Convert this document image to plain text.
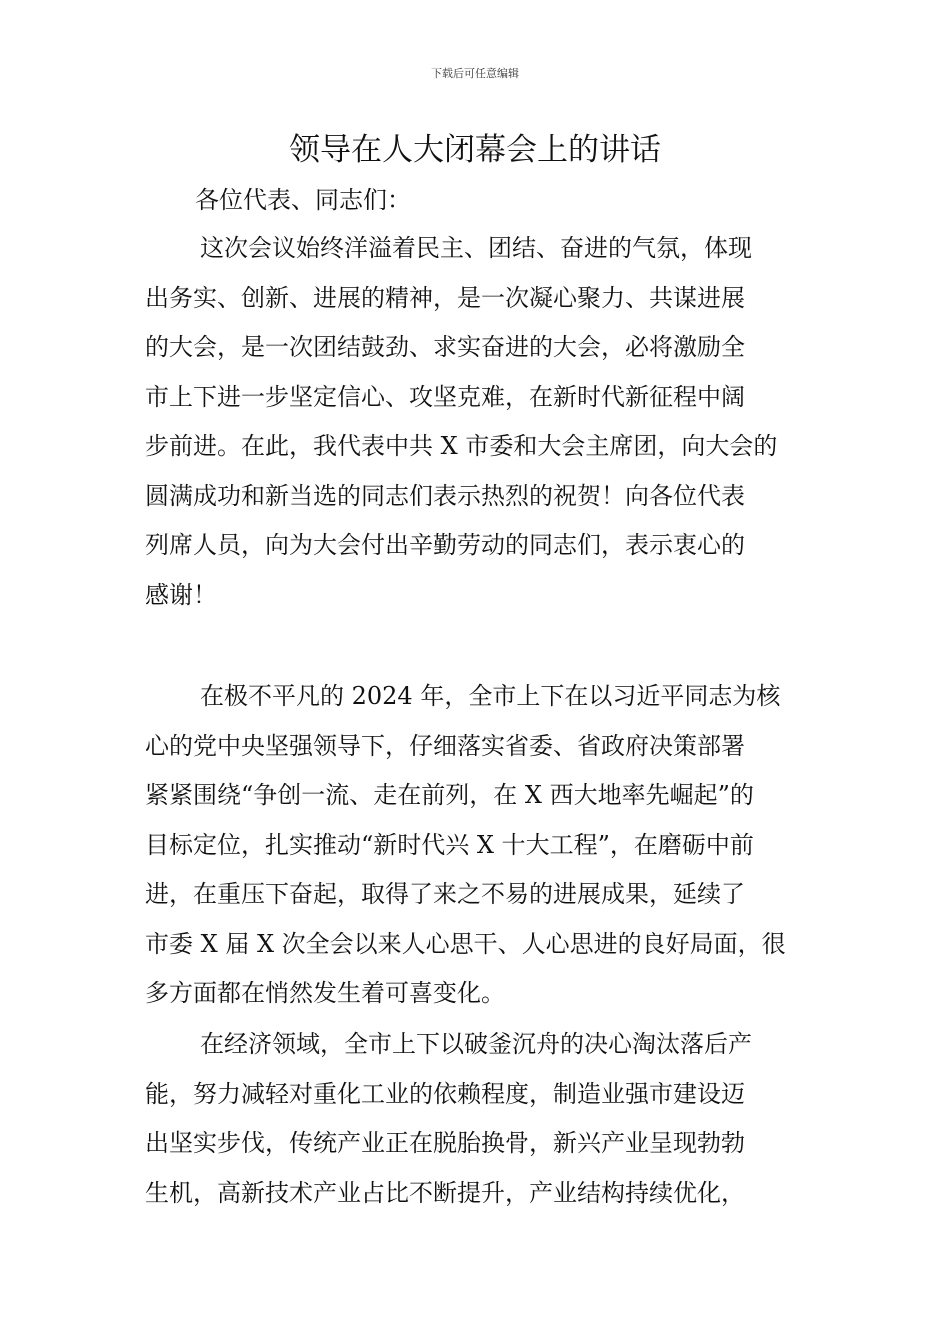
下载后可任意编辑
领导在人大闭幕会上的讲话
各位代表、同志们：
这次会议始终洋溢着民主、团结、奋进的气氛，体现
出务实、创新、进展的精神，是一次凝心聚力、共谋进展
的大会，是一次团结鼓劲、求实奋进的大会，必将激励全
市上下进一步坚定信心、攻坚克难，在新时代新征程中阔
步前进。在此，我代表中共 X 市委和大会主席团，向大会的
圆满成功和新当选的同志们表示热烈的祝贺！向各位代表
列席人员，向为大会付出辛勤劳动的同志们，表示衷心的
感谢！
在极不平凡的 2024 年，全市上下在以习近平同志为核
心的党中央坚强领导下，仔细落实省委、省政府决策部署
紧紧围绕“争创一流、走在前列，在 X 西大地率先崛起”的
目标定位，扎实推动“新时代兴 X 十大工程”，在磨砺中前
进，在重压下奋起，取得了来之不易的进展成果，延续了
市委 X 届 X 次全会以来人心思干、人心思进的良好局面，很
多方面都在悄然发生着可喜变化。
在经济领域，全市上下以破釜沉舟的决心淘汰落后产
能，努力减轻对重化工业的依赖程度，制造业强市建设迈
出坚实步伐，传统产业正在脱胎换骨，新兴产业呈现勃勃
生机，高新技术产业占比不断提升，产业结构持续优化，
